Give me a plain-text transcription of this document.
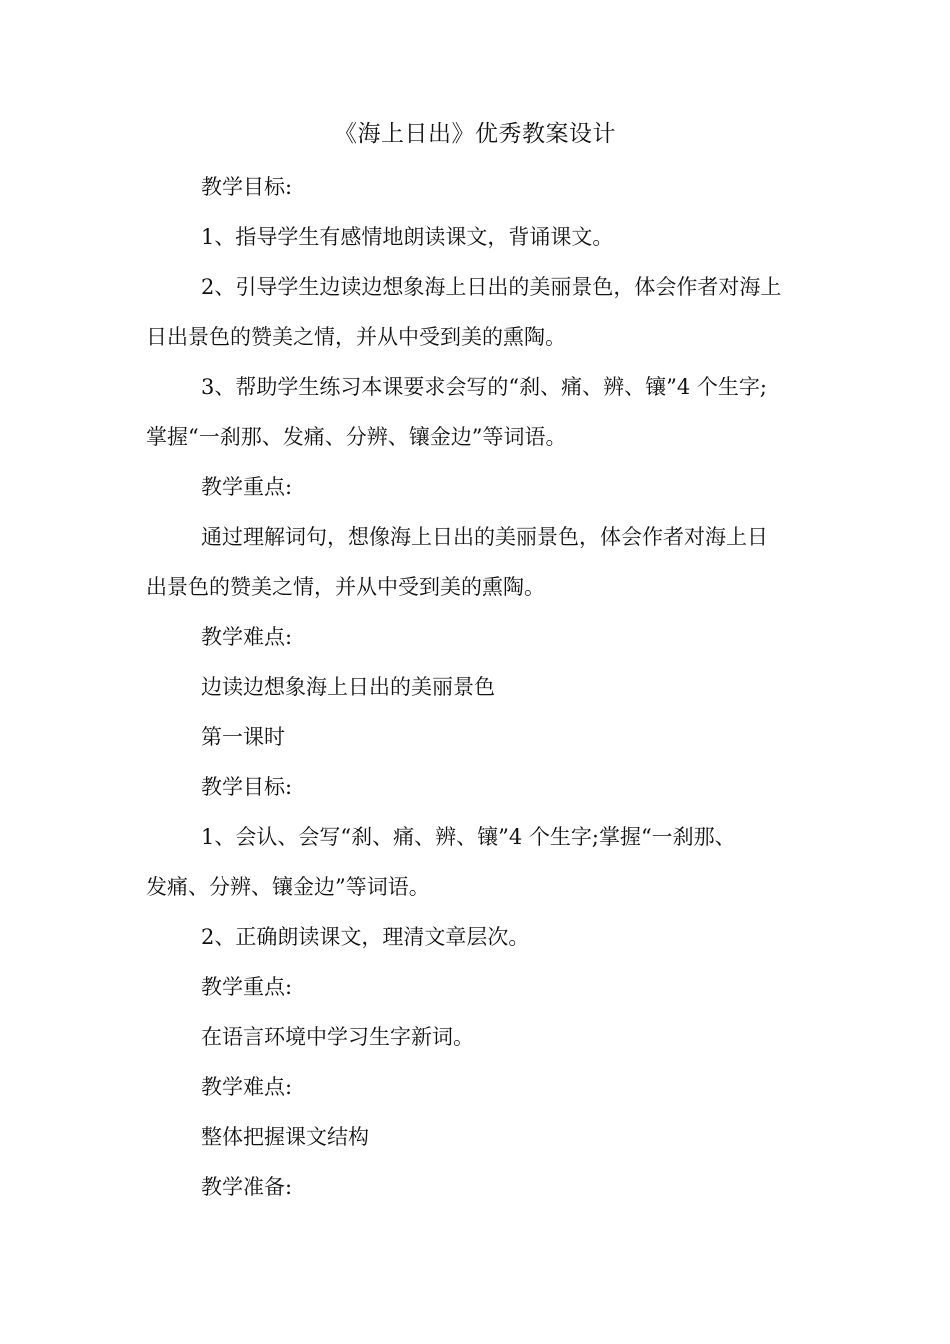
《海上日出》优秀教案设计
教学目标:
1、指导学生有感情地朗读课文，背诵课文。
2、引导学生边读边想象海上日出的美丽景色，体会作者对海上
日出景色的赞美之情，并从中受到美的熏陶。
3、帮助学生练习本课要求会写的“刹、痛、辨、镶”4 个生字;
掌握“一刹那、发痛、分辨、镶金边”等词语。
教学重点:
通过理解词句，想像海上日出的美丽景色，体会作者对海上日
出景色的赞美之情，并从中受到美的熏陶。
教学难点:
边读边想象海上日出的美丽景色
第一课时
教学目标:
1、会认、会写“刹、痛、辨、镶”4 个生字;掌握“一刹那、
发痛、分辨、镶金边”等词语。
2、正确朗读课文，理清文章层次。
教学重点:
在语言环境中学习生字新词。
教学难点:
整体把握课文结构
教学准备:
